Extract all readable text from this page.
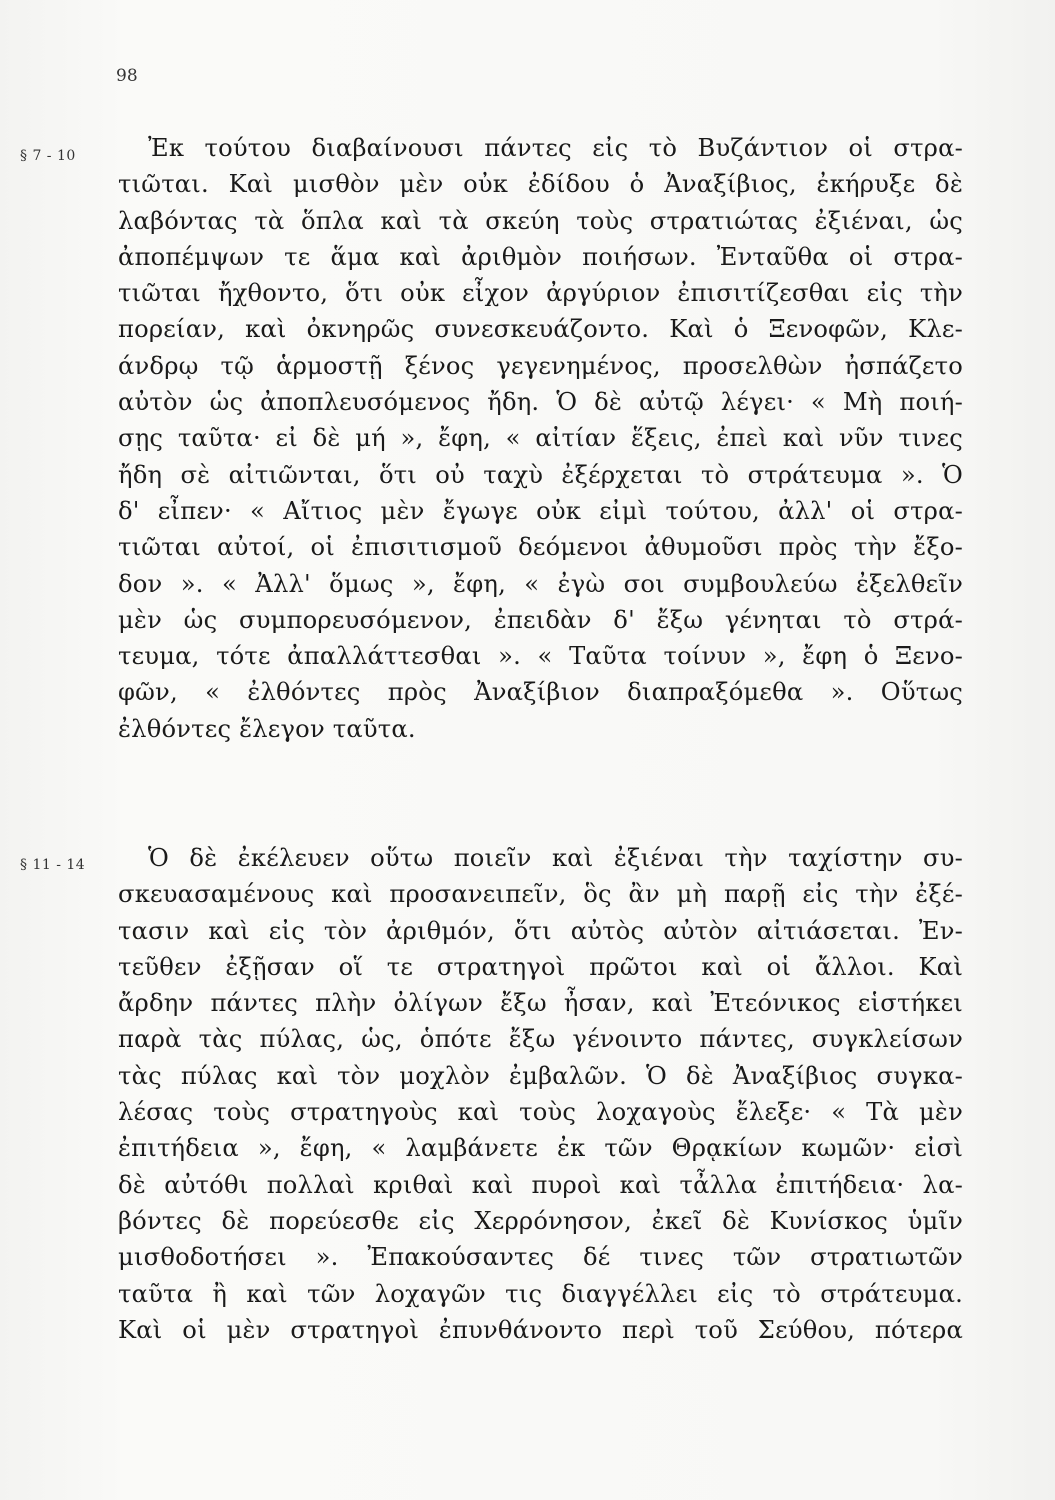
98
§ 7 - 10	Ἐκ τούτου διαβαίνουσι πάντες εἰς τὸ Βυζάντιον οἱ στρα-
τιῶται. Καὶ μισθὸν μὲν οὐκ ἐδίδου ὁ Ἀναξίβιος, ἐκήρυξε δὲ
λαβόντας τὰ ὅπλα καὶ τὰ σκεύη τοὺς στρατιώτας ἐξιέναι, ὡς
ἀποπέμψων τε ἅμα καὶ ἀριθμὸν ποιήσων. Ἐνταῦθα οἱ στρα-
τιῶται ἤχθοντο, ὅτι οὐκ εἶχον ἀργύριον ἐπισιτίζεσθαι εἰς τὴν
πορείαν, καὶ ὀκνηρῶς συνεσκευάζοντο. Καὶ ὁ Ξενοφῶν, Κλε-
άνδρῳ τῷ ἁρμοστῇ ξένος γεγενημένος, προσελθὼν ἠσπάζετο
αὐτὸν ὡς ἀποπλευσόμενος ἤδη. Ὁ δὲ αὐτῷ λέγει· « Μὴ ποιή-
σῃς ταῦτα· εἰ δὲ μή », ἔφη, « αἰτίαν ἕξεις, ἐπεὶ καὶ νῦν τινες
ἤδη σὲ αἰτιῶνται, ὅτι οὐ ταχὺ ἐξέρχεται τὸ στράτευμα ». Ὁ
δ' εἶπεν· « Αἴτιος μὲν ἔγωγε οὐκ εἰμὶ τούτου, ἀλλ' οἱ στρα-
τιῶται αὐτοί, οἱ ἐπισιτισμοῦ δεόμενοι ἀθυμοῦσι πρὸς τὴν ἔξο-
δον ». « Ἀλλ' ὅμως », ἔφη, « ἐγὼ σοι συμβουλεύω ἐξελθεῖν
μὲν ὡς συμπορευσόμενον, ἐπειδὰν δ' ἔξω γένηται τὸ στρά-
τευμα, τότε ἀπαλλάττεσθαι ». « Ταῦτα τοίνυν », ἔφη ὁ Ξενο-
φῶν, « ἐλθόντες πρὸς Ἀναξίβιον διαπραξόμεθα ». Οὕτως
ἐλθόντες ἔλεγον ταῦτα.
§ 11 - 14	Ὁ δὲ ἐκέλευεν οὕτω ποιεῖν καὶ ἐξιέναι τὴν ταχίστην συ-
σκευασαμένους καὶ προσανειπεῖν, ὃς ἂν μὴ παρῇ εἰς τὴν ἐξέ-
τασιν καὶ εἰς τὸν ἀριθμόν, ὅτι αὐτὸς αὐτὸν αἰτιάσεται. Ἐν-
τεῦθεν ἐξῇσαν οἵ τε στρατηγοὶ πρῶτοι καὶ οἱ ἄλλοι. Καὶ
ἄρδην πάντες πλὴν ὀλίγων ἔξω ἦσαν, καὶ Ἐτεόνικος εἱστήκει
παρὰ τὰς πύλας, ὡς, ὁπότε ἔξω γένοιντο πάντες, συγκλείσων
τὰς πύλας καὶ τὸν μοχλὸν ἐμβαλῶν. Ὁ δὲ Ἀναξίβιος συγκα-
λέσας τοὺς στρατηγοὺς καὶ τοὺς λοχαγοὺς ἔλεξε· « Τὰ μὲν
ἐπιτήδεια », ἔφη, « λαμβάνετε ἐκ τῶν Θρᾳκίων κωμῶν· εἰσὶ
δὲ αὐτόθι πολλαὶ κριθαὶ καὶ πυροὶ καὶ τἆλλα ἐπιτήδεια· λα-
βόντες δὲ πορεύεσθε εἰς Χερρόνησον, ἐκεῖ δὲ Κυνίσκος ὑμῖν
μισθοδοτήσει ». Ἐπακούσαντες δέ τινες τῶν στρατιωτῶν
ταῦτα ἢ καὶ τῶν λοχαγῶν τις διαγγέλλει εἰς τὸ στράτευμα.
Καὶ οἱ μὲν στρατηγοὶ ἐπυνθάνοντο περὶ τοῦ Σεύθου, πότερα
